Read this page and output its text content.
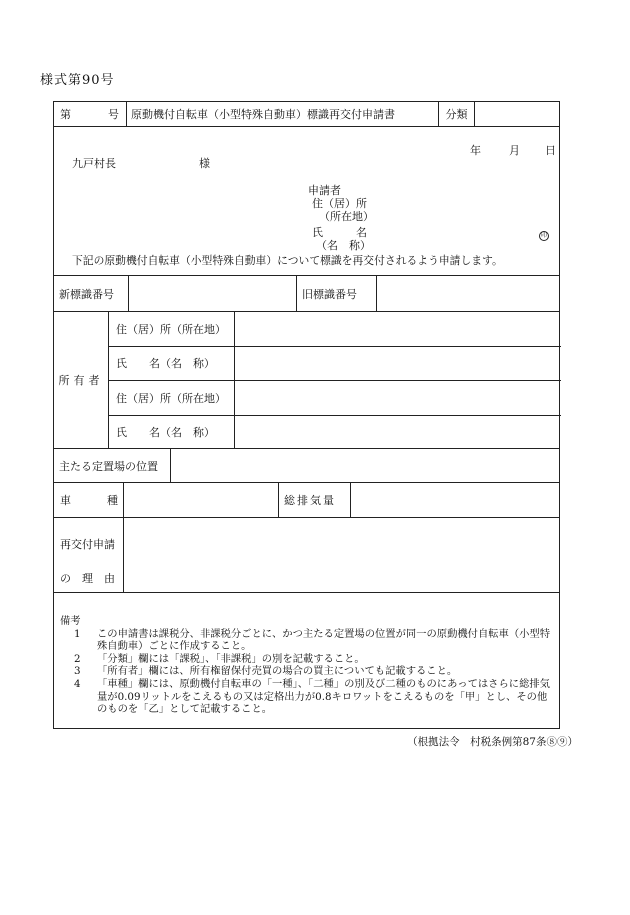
様式第90号
第	号	原動機付自転車（小型特殊自動車）標識再交付申請書	分類
年	月 日
九戸村長	様
申請者
住（居）所
（所在地）
氏	名
（名　称）
印
下記の原動機付自転車（小型特殊自動車）について標識を再交付されるよう申請します。
新標識番号	旧標識番号
所有者
住（居）所（所在地）
氏　　名（名　称）
住（居）所（所在地）
氏　　名（名　称）
主たる定置場の位置
車	種	総排気量
再交付申請
の　理　由
備考
1 この申請書は課税分、非課税分ごとに、かつ主たる定置場の位置が同一の原動機付自転車（小型特殊自動車）ごとに作成すること。
2 「分類」欄には「課税」、「非課税」の別を記載すること。
3 「所有者」欄には、所有権留保付売買の場合の買主についても記載すること。
4 「車種」欄には、原動機付自転車の「一種」、「二種」の別及び二種のものにあってはさらに総排気量が0.09リットルをこえるもの又は定格出力が0.8キロワットをこえるものを「甲」とし、その他のものを「乙」として記載すること。
（根拠法令　村税条例第87条⑧⑨）
